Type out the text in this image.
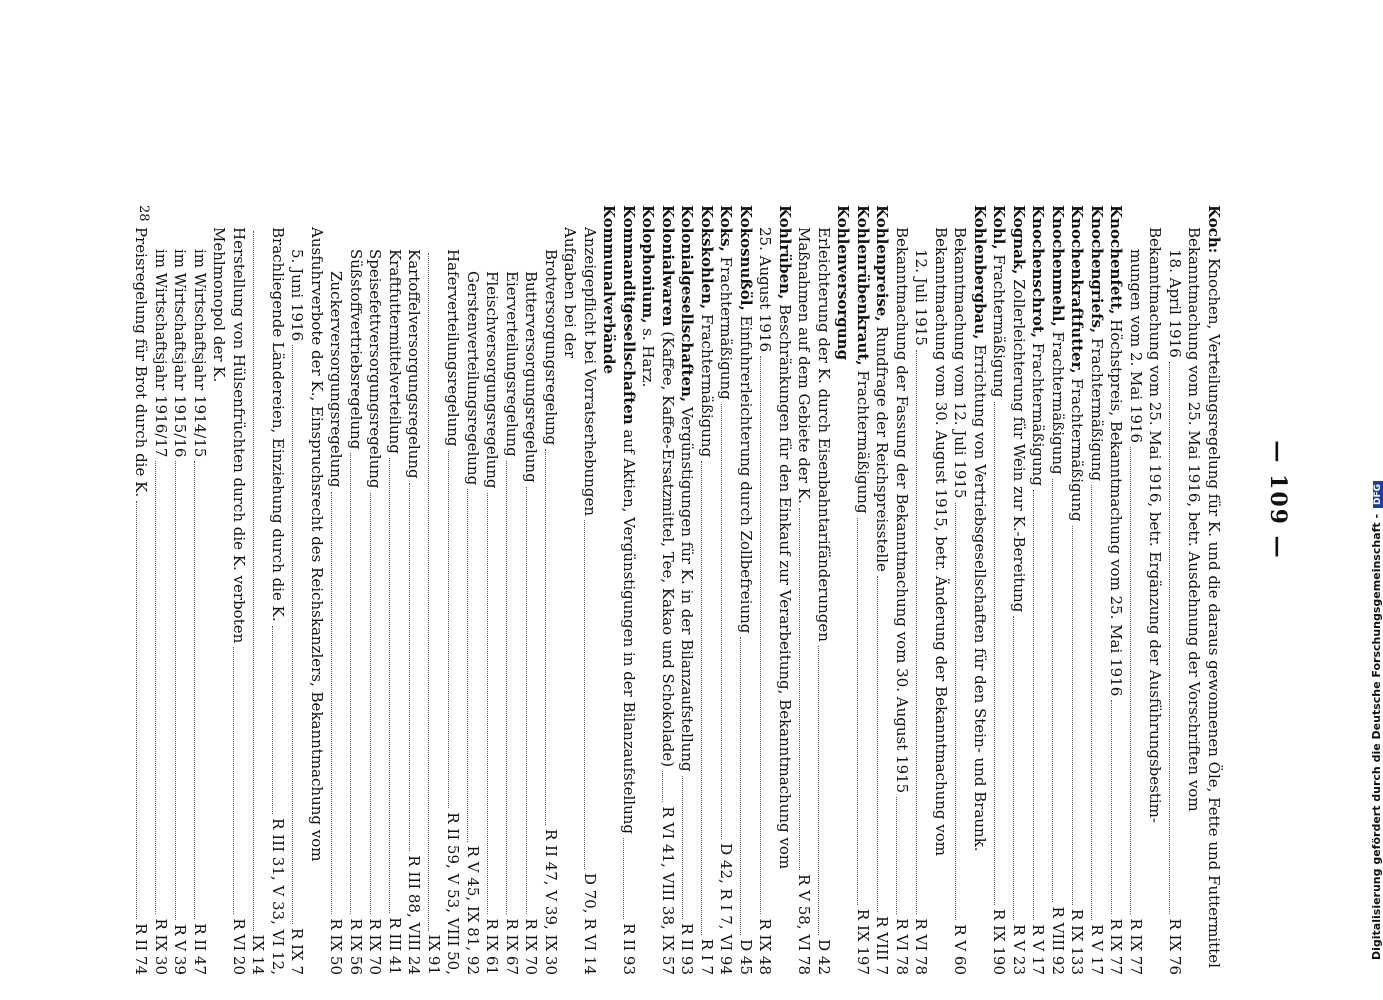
— 109 —
Koch: Knochen, Verteilungsregelung für K. und die daraus gewonnenen Öle, Fette und Futtermittel
Bekanntmachung vom 25. Mai 1916, betr. Ausdehnung der Vorschriften vom
18. April 1916
R IX 76
Bekanntmachung vom 25. Mai 1916, betr. Ergänzung der Ausführungsbestim-
mungen vom 2. Mai 1916
R IX 77
Knochenfett, Höchstpreis, Bekanntmachung vom 25. Mai 1916
R IX 77
Knochengriefs, Frachtermäßigung
R V 17
Knochenkraftfutter, Frachtermäßigung
R IX 133
Knochenmehl, Frachtermäßigung
R VIII 92
Knochenschrot, Frachtermäßigung
R V 17
Kognak, Zollerleichterung für Wein zur K.-Bereitung
R V 23
Kohl, Frachtermäßigung
R IX 190
Kohlenbergbau, Errichtung von Vertriebsgesellschaften für den Stein- und Braunk.
Bekanntmachung vom 12. Juli 1915
R V 60
Bekanntmachung vom 30. August 1915, betr. Änderung der Bekanntmachung vom
12. Juli 1915
R VI 78
Bekanntmachung der Fassung der Bekanntmachung vom 30. August 1915
R VI 78
Kohlenpreise, Rundfrage der Reichspreisstelle
R VIII 7
Kohlenrübenkraut, Frachtermäßigung
R IX 197
Kohlenversorgung
Erleichterung der K. durch Eisenbahntarifänderungen
D 42
Maßnahmen auf dem Gebiete der K.
R V 58, VI 78
Kohlrüben, Beschränkungen für den Einkauf zur Verarbeitung, Bekanntmachung vom
25. August 1916
R IX 48
Kokosnußöl, Einfuhrerleichterung durch Zollbefreiung
D 45
Koks, Frachtermäßigung
D 42, R I 7, VI 94
Kokskohlen, Frachtermäßigung
R I 7
Kolonialgesellschaften, Vergünstigungen für K. in der Bilanzaufstellung
R II 93
Kolonialwaren (Kaffee, Kaffee-Ersatzmittel, Tee, Kakao und Schokolade)
R VI 41, VIII 38, IX 57
Kolophonium, s. Harz.
Kommanditgesellschaften auf Aktien, Vergünstigungen in der Bilanzaufstellung
R II 93
Kommunalverbände
Anzeigepflicht bei Vorratserhebungen
D 70, R VI 14
Aufgaben bei der
Brotversorgungsregelung
R II 47, V 39, IX 30
Butterversorgungsregelung
R IX 70
Eierverteilungsregelung
R IX 67
Fleischversorgungsregelung
R IX 61
Gerstenverteilungsregelung
R V 45, IX 81, 92
Haferverteilungsregelung
R II 59, V 53, VIII 50,
IX 91
Kartoffelversorgungsregelung
R III 88, VIII 24
Kraftfuttermittelverteilung
R III 41
Speisefettversorgungsregelung
R IX 70
Süßstoffvertriebsregelung
R IX 56
Zuckerversorgungsregelung
R IX 50
Ausfuhrverbote der K., Einspruchsrecht des Reichskanzlers, Bekanntmachung vom
5. Juni 1916
R IX 7
Brachliegende Ländereien, Einziehung durch die K.
R III 31, V 33, VI 12,
IX 14
Herstellung von Hülsenfrüchten durch die K. verboten
R VI 20
Mehlmonopol der K.
im Wirtschaftsjahr 1914/15
R II 47
im Wirtschaftsjahr 1915/16
R V 39
im Wirtschaftsjahr 1916/17
R IX 30
Preisregelung für Brot durch die K.
R II 74
28
Digitalisierung gefördert durch die Deutsche Forschungsgemeinschaft -DFG
